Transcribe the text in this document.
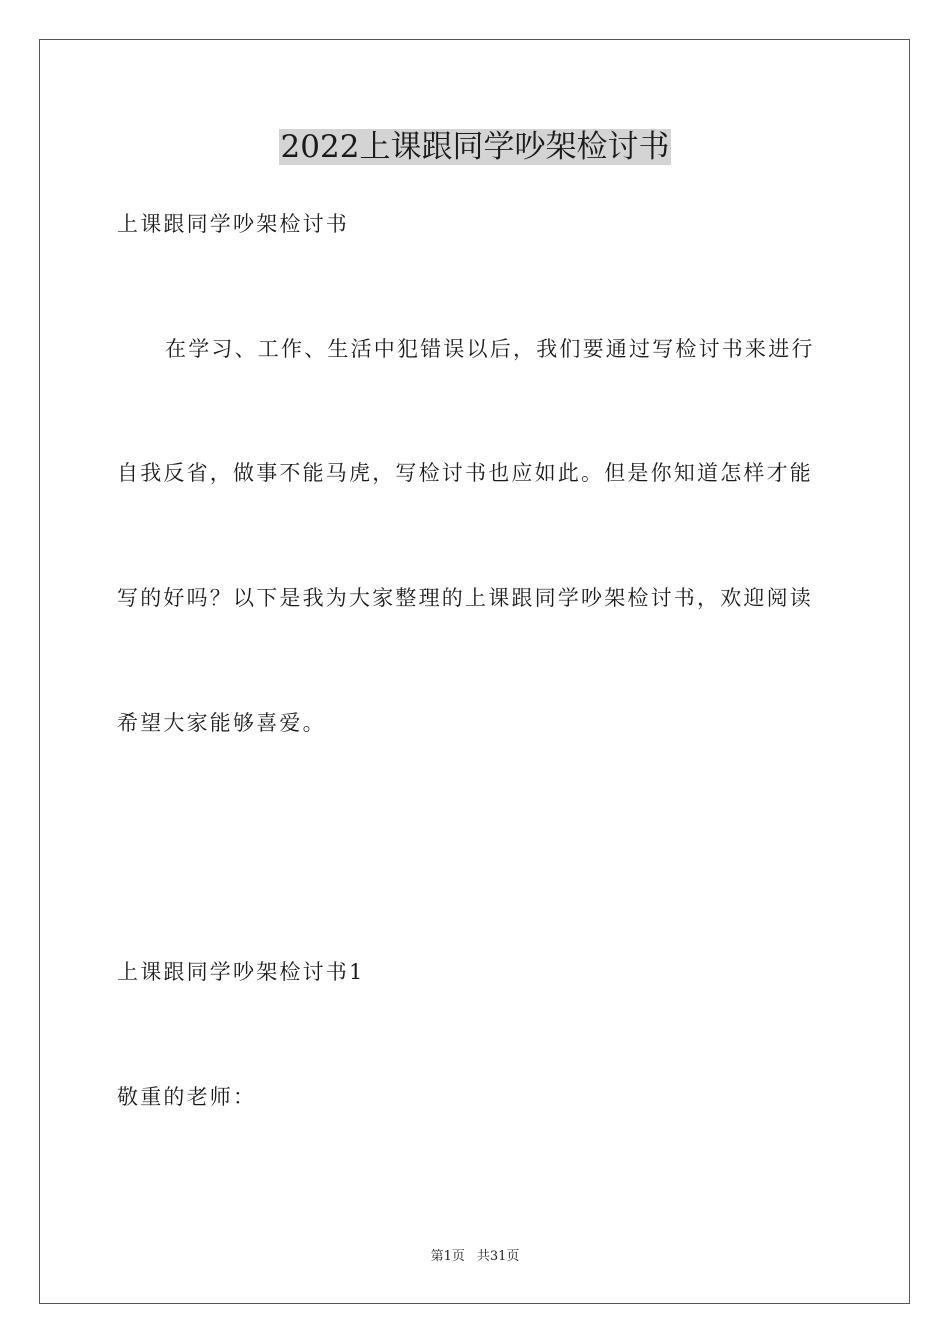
2022上课跟同学吵架检讨书

上课跟同学吵架检讨书

在学习、工作、生活中犯错误以后，我们要通过写检讨书来进行

自我反省，做事不能马虎，写检讨书也应如此。但是你知道怎样才能

写的好吗？以下是我为大家整理的上课跟同学吵架检讨书，欢迎阅读

希望大家能够喜爱。

上课跟同学吵架检讨书1

敬重的老师：

第1页 共31页
